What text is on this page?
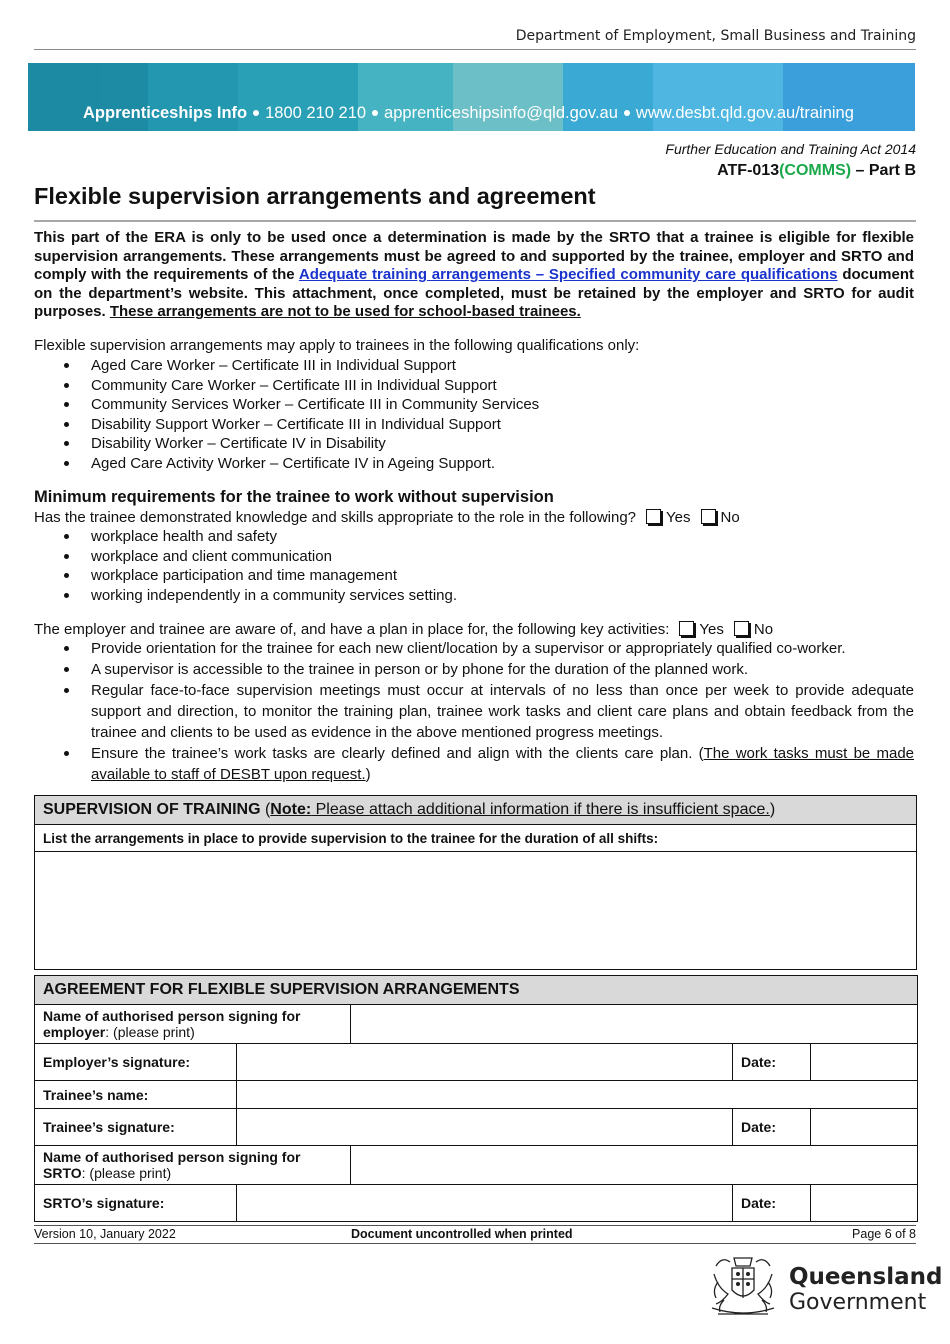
Department of Employment, Small Business and Training
Apprenticeships Info 1800 210 210 apprenticeshipsinfo@qld.gov.au www.desbt.qld.gov.au/training
Further Education and Training Act 2014
ATF-013(COMMS) – Part B
Flexible supervision arrangements and agreement
This part of the ERA is only to be used once a determination is made by the SRTO that a trainee is eligible for flexible supervision arrangements. These arrangements must be agreed to and supported by the trainee, employer and SRTO and comply with the requirements of the Adequate training arrangements – Specified community care qualifications document on the department’s website. This attachment, once completed, must be retained by the employer and SRTO for audit purposes. These arrangements are not to be used for school-based trainees.
Flexible supervision arrangements may apply to trainees in the following qualifications only:
Aged Care Worker – Certificate III in Individual Support
Community Care Worker – Certificate III in Individual Support
Community Services Worker – Certificate III in Community Services
Disability Support Worker – Certificate III in Individual Support
Disability Worker – Certificate IV in Disability
Aged Care Activity Worker – Certificate IV in Ageing Support.
Minimum requirements for the trainee to work without supervision
Has the trainee demonstrated knowledge and skills appropriate to the role in the following? Yes No
workplace health and safety
workplace and client communication
workplace participation and time management
working independently in a community services setting.
The employer and trainee are aware of, and have a plan in place for, the following key activities: Yes No
Provide orientation for the trainee for each new client/location by a supervisor or appropriately qualified co-worker.
A supervisor is accessible to the trainee in person or by phone for the duration of the planned work.
Regular face-to-face supervision meetings must occur at intervals of no less than once per week to provide adequate support and direction, to monitor the training plan, trainee work tasks and client care plans and obtain feedback from the trainee and clients to be used as evidence in the above mentioned progress meetings.
Ensure the trainee’s work tasks are clearly defined and align with the clients care plan. (The work tasks must be made available to staff of DESBT upon request.)
SUPERVISION OF TRAINING (Note: Please attach additional information if there is insufficient space.)
List the arrangements in place to provide supervision to the trainee for the duration of all shifts:

AGREEMENT FOR FLEXIBLE SUPERVISION ARRANGEMENTS				
Name of authorised person signing for
employer: (please print)				
Employer’s signature:			Date:	
Trainee’s name:				
Trainee’s signature:			Date:	
Name of authorised person signing for
SRTO: (please print)				
SRTO’s signature:			Date:	
Version 10, January 2022	Document uncontrolled when printed	Page 6 of 8
Queensland
Government
